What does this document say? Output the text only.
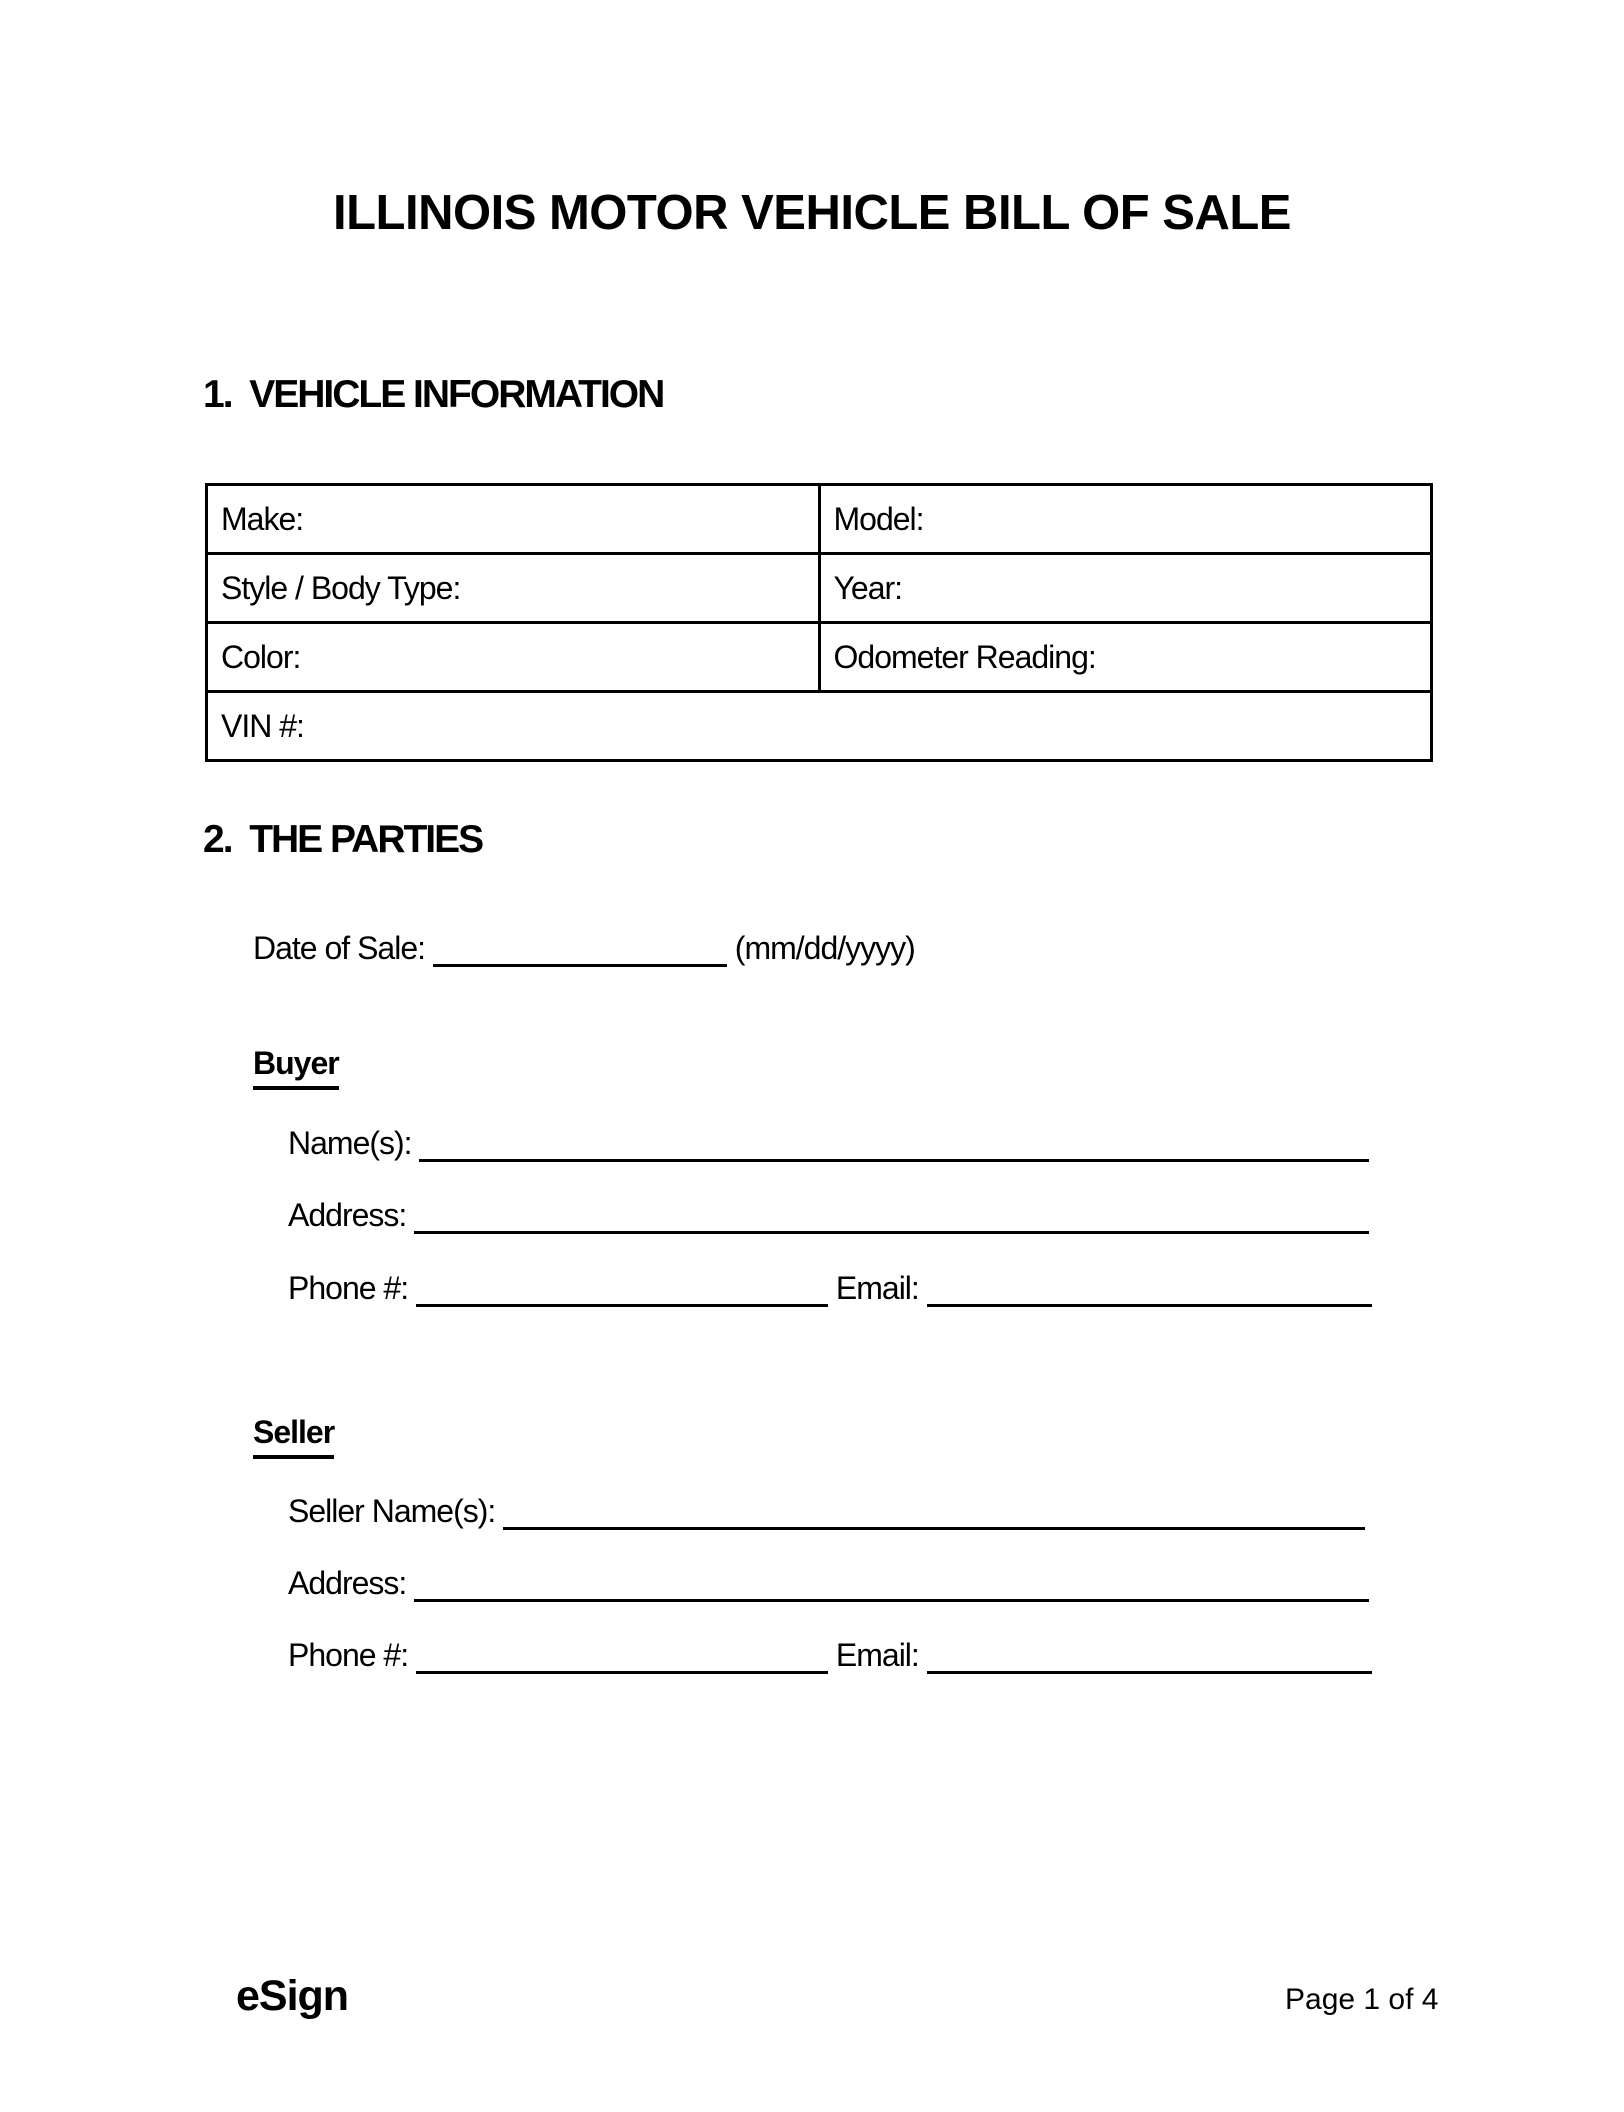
ILLINOIS MOTOR VEHICLE BILL OF SALE
1.  VEHICLE INFORMATION
Make:	Model:
Style / Body Type:	Year:
Color:	Odometer Reading:
VIN #:	
2.  THE PARTIES
Date of Sale:	(mm/dd/yyyy)
Buyer
Name(s):
Address:
Phone #:	Email:
Seller
Seller Name(s):
Address:
Phone #:	Email:
eSign	Page 1 of 4
